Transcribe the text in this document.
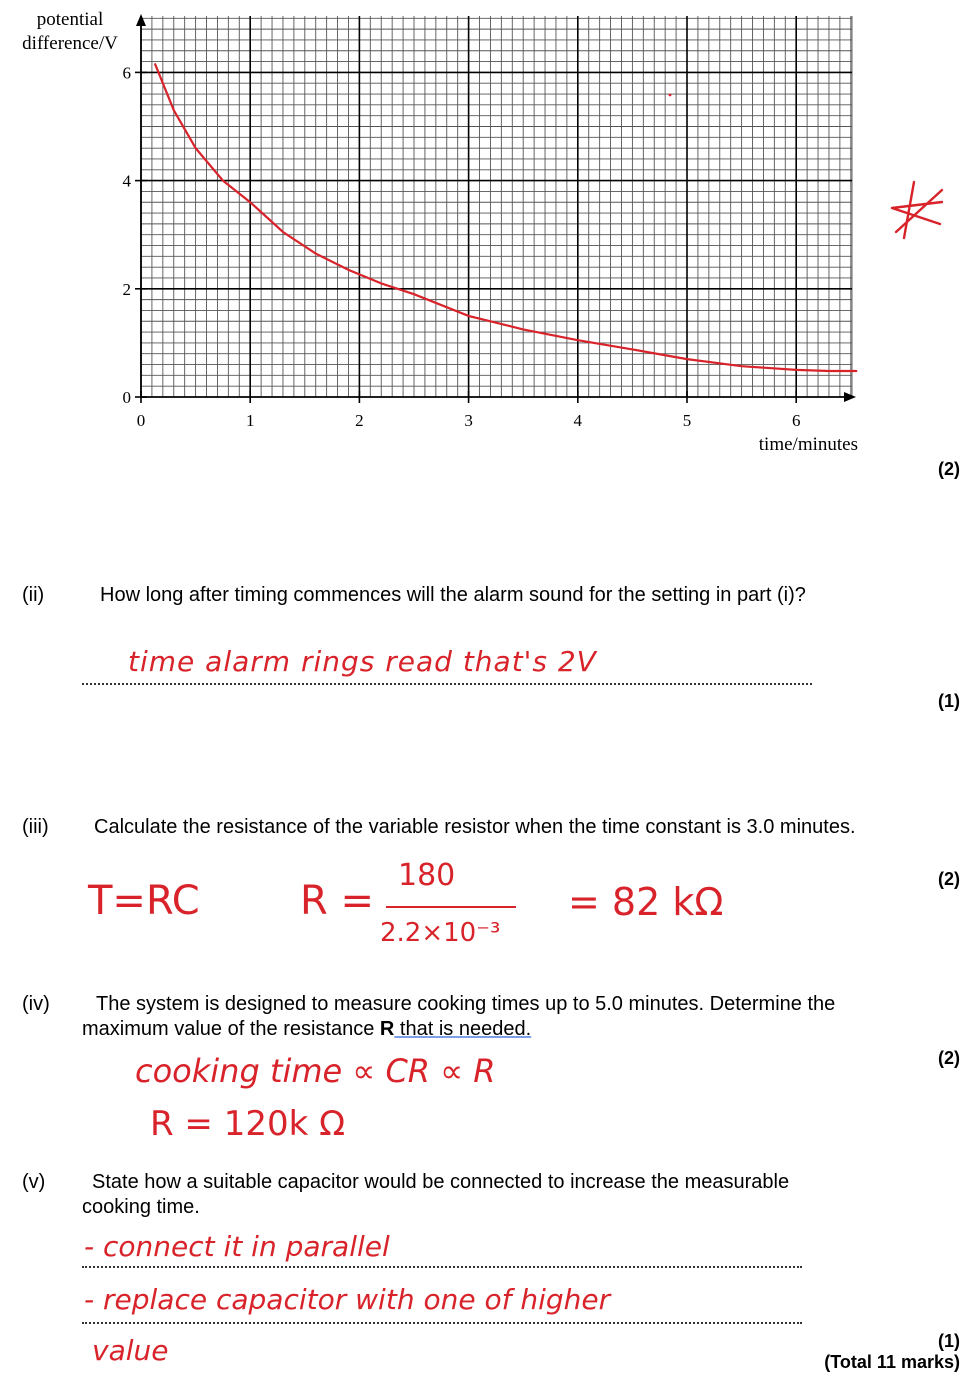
potential
difference/V
0
2
4
6
0	1	2	3	4	5	6
time/minutes
(2)
(ii)	How long after timing commences will the alarm sound for the setting in part (i)?
time alarm rings read that's 2V
(1)
(iii)	Calculate the resistance of the variable resistor when the time constant is 3.0 minutes.
(2)
T=RC	R =
180
2.2×10⁻³
= 82 kΩ
(iv)	The system is designed to measure cooking times up to 5.0 minutes. Determine the maximum value of the resistance R that is needed.
(2)
cooking time ∝ CR ∝ R
R = 120k Ω
(v)	State how a suitable capacitor would be connected to increase the measurable cooking time.
- connect it in parallel
- replace capacitor with one of higher
value	(1)
(Total 11 marks)
